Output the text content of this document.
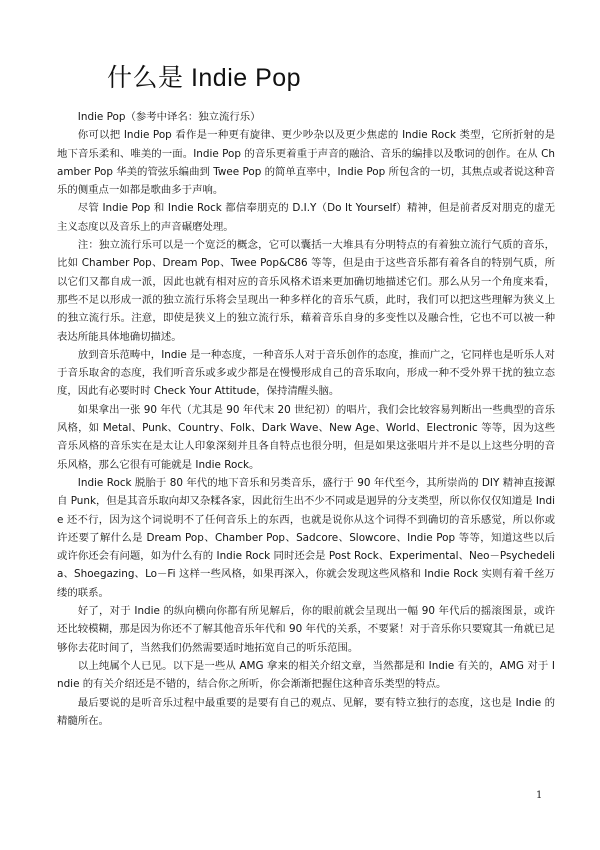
什么是 Indie Pop

Indie Pop（参考中译名：独立流行乐）

你可以把 Indie Pop 看作是一种更有旋律、更少吵杂以及更少焦虑的 Indie Rock 类型，它所折射的是地下音乐柔和、唯美的一面。Indie Pop 的音乐更着重于声音的融洽、音乐的编排以及歌词的创作。在从 Chamber Pop 华美的管弦乐编曲到 Twee Pop 的简单直率中，Indie Pop 所包含的一切，其焦点或者说这种音乐的侧重点一如都是歌曲多于声响。

尽管 Indie Pop 和 Indie Rock 都信奉朋克的 D.I.Y（Do It Yourself）精神，但是前者反对朋克的虚无主义态度以及音乐上的声音碾磨处理。

注：独立流行乐可以是一个宽泛的概念，它可以囊括一大堆具有分明特点的有着独立流行气质的音乐，比如 Chamber Pop、Dream Pop、Twee Pop&C86 等等，但是由于这些音乐都有着各自的特别气质，所以它们又都自成一派，因此也就有相对应的音乐风格术语来更加确切地描述它们。那么从另一个角度来看，那些不足以形成一派的独立流行乐将会呈现出一种多样化的音乐气质，此时，我们可以把这些理解为狭义上的独立流行乐。注意，即使是狭义上的独立流行乐，藉着音乐自身的多变性以及融合性，它也不可以被一种表达所能具体地确切描述。

放到音乐范畴中，Indie 是一种态度，一种音乐人对于音乐创作的态度，推而广之，它同样也是听乐人对于音乐取舍的态度，我们听音乐或多或少都是在慢慢形成自己的音乐取向，形成一种不受外界干扰的独立态度，因此有必要时时 Check Your Attitude，保持清醒头脑。

如果拿出一张 90 年代（尤其是 90 年代末 20 世纪初）的唱片，我们会比较容易判断出一些典型的音乐风格，如 Metal、Punk、Country、Folk、Dark Wave、New Age、World、Electronic 等等，因为这些音乐风格的音乐实在是太让人印象深刻并且各自特点也很分明，但是如果这张唱片并不是以上这些分明的音乐风格，那么它很有可能就是 Indie Rock。

Indie Rock 脱胎于 80 年代的地下音乐和另类音乐，盛行于 90 年代至今，其所崇尚的 DIY 精神直接源自 Punk，但是其音乐取向却又杂糅各家，因此衍生出不少不同或是迥异的分支类型，所以你仅仅知道是 Indie 还不行，因为这个词说明不了任何音乐上的东西，也就是说你从这个词得不到确切的音乐感觉，所以你或许还要了解什么是 Dream Pop、Chamber Pop、Sadcore、Slowcore、Indie Pop 等等，知道这些以后或许你还会有问题，如为什么有的 Indie Rock 同时还会是 Post Rock、Experimental、Neo－Psychedelia、Shoegazing、Lo－Fi 这样一些风格，如果再深入，你就会发现这些风格和 Indie Rock 实则有着千丝万缕的联系。

好了，对于 Indie 的纵向横向你都有所见解后，你的眼前就会呈现出一幅 90 年代后的摇滚图景，或许还比较模糊，那是因为你还不了解其他音乐年代和 90 年代的关系，不要紧！对于音乐你只要窥其一角就已足够你去花时间了，当然我们仍然需要适时地拓宽自己的听乐范围。

以上纯属个人已见。以下是一些从 AMG 拿来的相关介绍文章，当然都是和 Indie 有关的，AMG 对于 Indie 的有关介绍还是不错的，结合你之所听，你会渐渐把握住这种音乐类型的特点。

最后要说的是听音乐过程中最重要的是要有自己的观点、见解，要有特立独行的态度，这也是 Indie 的精髓所在。

1
